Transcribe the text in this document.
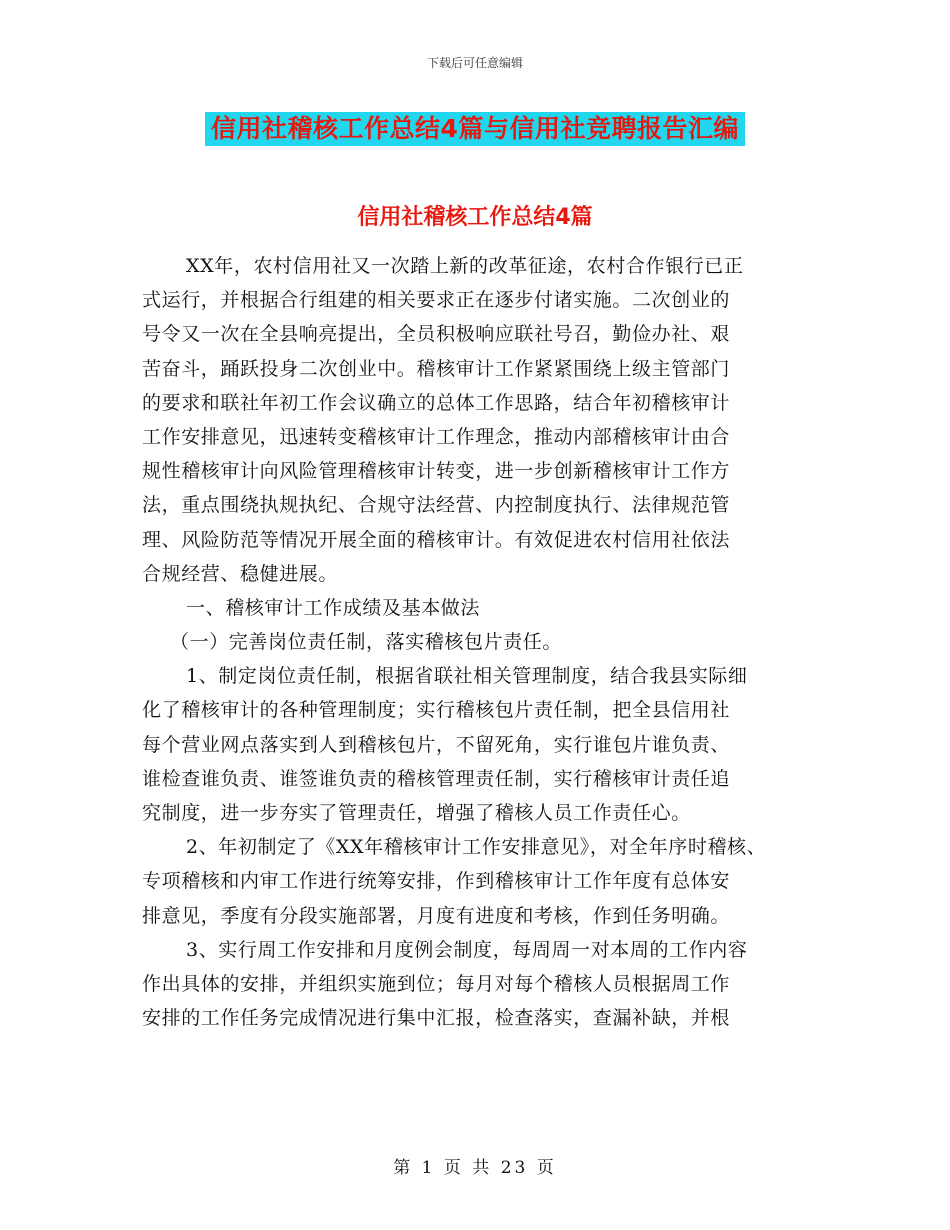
下载后可任意编辑
信用社稽核工作总结4篇与信用社竞聘报告汇编
信用社稽核工作总结4篇
XX年，农村信用社又一次踏上新的改革征途，农村合作银行已正
式运行，并根据合行组建的相关要求正在逐步付诸实施。二次创业的
号令又一次在全县响亮提出，全员积极响应联社号召，勤俭办社、艰
苦奋斗，踊跃投身二次创业中。稽核审计工作紧紧围绕上级主管部门
的要求和联社年初工作会议确立的总体工作思路，结合年初稽核审计
工作安排意见，迅速转变稽核审计工作理念，推动内部稽核审计由合
规性稽核审计向风险管理稽核审计转变，进一步创新稽核审计工作方
法，重点围绕执规执纪、合规守法经营、内控制度执行、法律规范管
理、风险防范等情况开展全面的稽核审计。有效促进农村信用社依法
合规经营、稳健进展。
一、稽核审计工作成绩及基本做法
（一）完善岗位责任制，落实稽核包片责任。
1、制定岗位责任制，根据省联社相关管理制度，结合我县实际细
化了稽核审计的各种管理制度；实行稽核包片责任制，把全县信用社
每个营业网点落实到人到稽核包片，不留死角，实行谁包片谁负责、
谁检查谁负责、谁签谁负责的稽核管理责任制，实行稽核审计责任追
究制度，进一步夯实了管理责任，增强了稽核人员工作责任心。
2、年初制定了《XX年稽核审计工作安排意见》，对全年序时稽核、
专项稽核和内审工作进行统筹安排，作到稽核审计工作年度有总体安
排意见，季度有分段实施部署，月度有进度和考核，作到任务明确。
3、实行周工作安排和月度例会制度，每周周一对本周的工作内容
作出具体的安排，并组织实施到位；每月对每个稽核人员根据周工作
安排的工作任务完成情况进行集中汇报，检查落实，查漏补缺，并根
第 1 页 共 23 页
